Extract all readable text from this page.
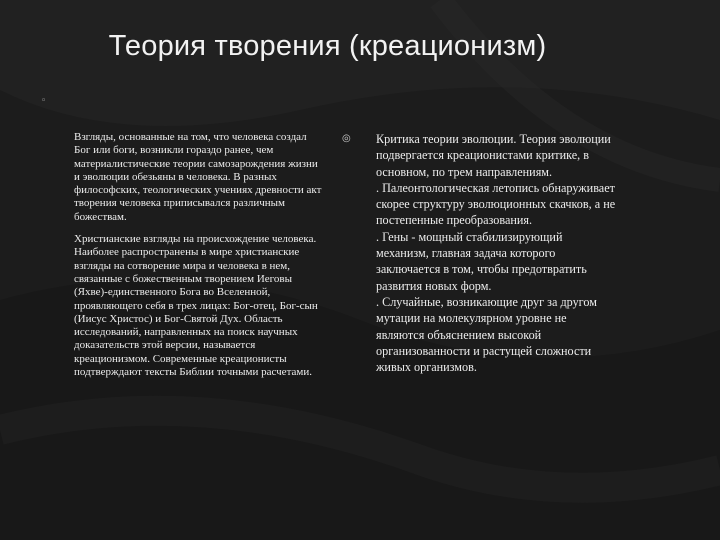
Теория творения (креационизм)
◦

Взгляды, основанные на том, что человека создал Бог или боги, возникли гораздо ранее, чем материалистические теории самозарождения жизни и эволюции обезьяны в человека. В разных философских, теологических учениях древности акт творения человека приписывался различным божествам.

Христианские взгляды на происхождение человека. Наиболее распространены в мире христианские взгляды на сотворение мира и человека в нем, связанные с божественным творением Иеговы (Яхве)-единственного Бога во Вселенной, проявляющего себя в трех лицах: Бог-отец, Бог-сын (Иисус Христос) и Бог-Святой Дух. Область исследований, направленных на поиск научных доказательств этой версии, называется креационизмом. Современные креационисты подтверждают тексты Библии точными расчетами.

◎ Критика теории эволюции. Теория эволюции подвергается креационистами критике, в основном, по трем направлениям.
. Палеонтологическая летопись обнаруживает скорее структуру эволюционных скачков, а не постепенные преобразования.
. Гены - мощный стабилизирующий механизм, главная задача которого заключается в том, чтобы предотвратить развития новых форм.
. Случайные, возникающие друг за другом мутации на молекулярном уровне не являются объяснением высокой организованности и растущей сложности живых организмов.
